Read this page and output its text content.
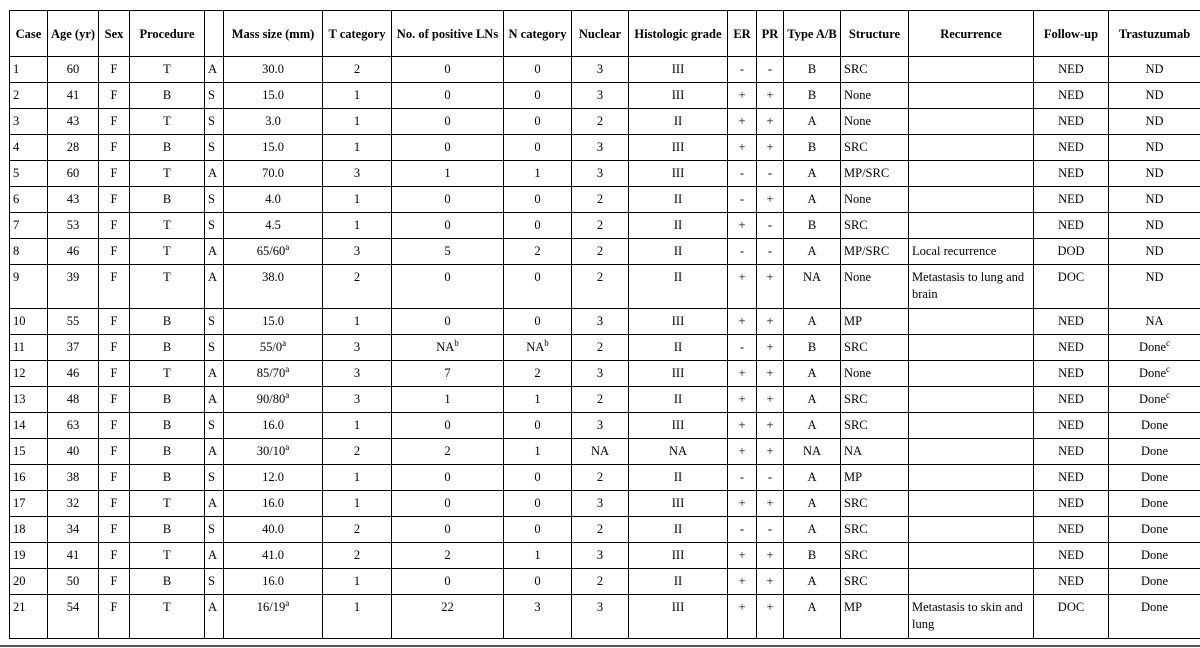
Case	Age (yr)	Sex	Procedure		Mass size (mm)	T category	No. of positive LNs	N category	Nuclear	Histologic grade	ER	PR	Type A/B	Structure	Recurrence	Follow-up	Trastuzumab
1	60	F	T	A	30.0	2	0	0	3	III	-	-	B	SRC		NED	ND
2	41	F	B	S	15.0	1	0	0	3	III	+	+	B	None		NED	ND
3	43	F	T	S	3.0	1	0	0	2	II	+	+	A	None		NED	ND
4	28	F	B	S	15.0	1	0	0	3	III	+	+	B	SRC		NED	ND
5	60	F	T	A	70.0	3	1	1	3	III	-	-	A	MP/SRC		NED	ND
6	43	F	B	S	4.0	1	0	0	2	II	-	+	A	None		NED	ND
7	53	F	T	S	4.5	1	0	0	2	II	+	-	B	SRC		NED	ND
8	46	F	T	A	65/60$^a$	3	5	2	2	II	-	-	A	MP/SRC	Local recurrence	DOD	ND
9	39	F	T	A	38.0	2	0	0	2	II	+	+	NA	None	Metastasis to lung and brain	DOC	ND
10	55	F	B	S	15.0	1	0	0	3	III	+	+	A	MP		NED	NA
11	37	F	B	S	55/0$^a$	3	$NA^b$	$NA^b$	2	II	-	+	B	SRC		NED	Done$^c$
12	46	F	T	A	85/70$^a$	3	7	2	3	III	+	+	A	None		NED	Done$^c$
13	48	F	B	A	90/80$^a$	3	1	1	2	II	+	+	A	SRC		NED	Done$^c$
14	63	F	B	S	16.0	1	0	0	3	III	+	+	A	SRC		NED	Done
15	40	F	B	A	30/10$^a$	2	2	1	NA	NA	+	+	NA	NA		NED	Done
16	38	F	B	S	12.0	1	0	0	2	II	-	-	A	MP		NED	Done
17	32	F	T	A	16.0	1	0	0	3	III	+	+	A	SRC		NED	Done
18	34	F	B	S	40.0	2	0	0	2	II	-	-	A	SRC		NED	Done
19	41	F	T	A	41.0	2	2	1	3	III	+	+	B	SRC		NED	Done
20	50	F	B	S	16.0	1	0	0	2	II	+	+	A	SRC		NED	Done
21	54	F	T	A	16/19$^a$	1	22	3	3	III	+	+	A	MP	Metastasis to skin and lung	DOC	Done
